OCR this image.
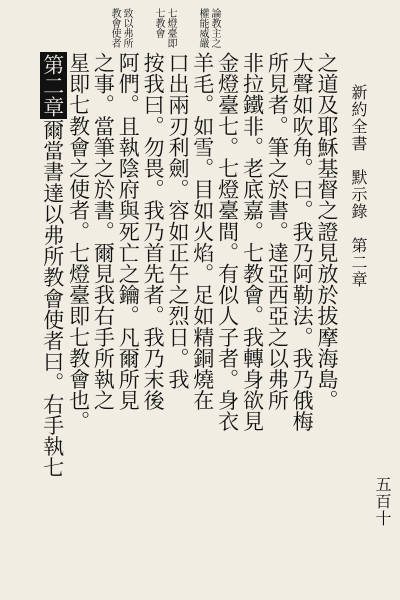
新約全書　默示錄　第二章
五百十
論教主之
權能威嚴
七燈臺即
七教會
致以弗所
教會使者
之道及耶穌基督之證見放於拔摩海島。
大聲如吹角。曰。我乃阿勒法。我乃俄梅
所見者。筆之於書。達亞西亞之以弗所
非拉鐵非。老底嘉。七教會。我轉身欲見
金燈臺七。七燈臺間。有似人子者。身衣
羊毛。如雪。目如火焰。足如精銅燒在
口出兩刃利劍。容如正午之烈日。我
按我曰。勿畏。我乃首先者。我乃末後
阿們。且執陰府與死亡之鑰。凡爾所見
之事。當筆之於書。爾見我右手所執之
星即七教會之使者。七燈臺即七教會也。
第二章爾當書達以弗所教會使者曰。右手執七
